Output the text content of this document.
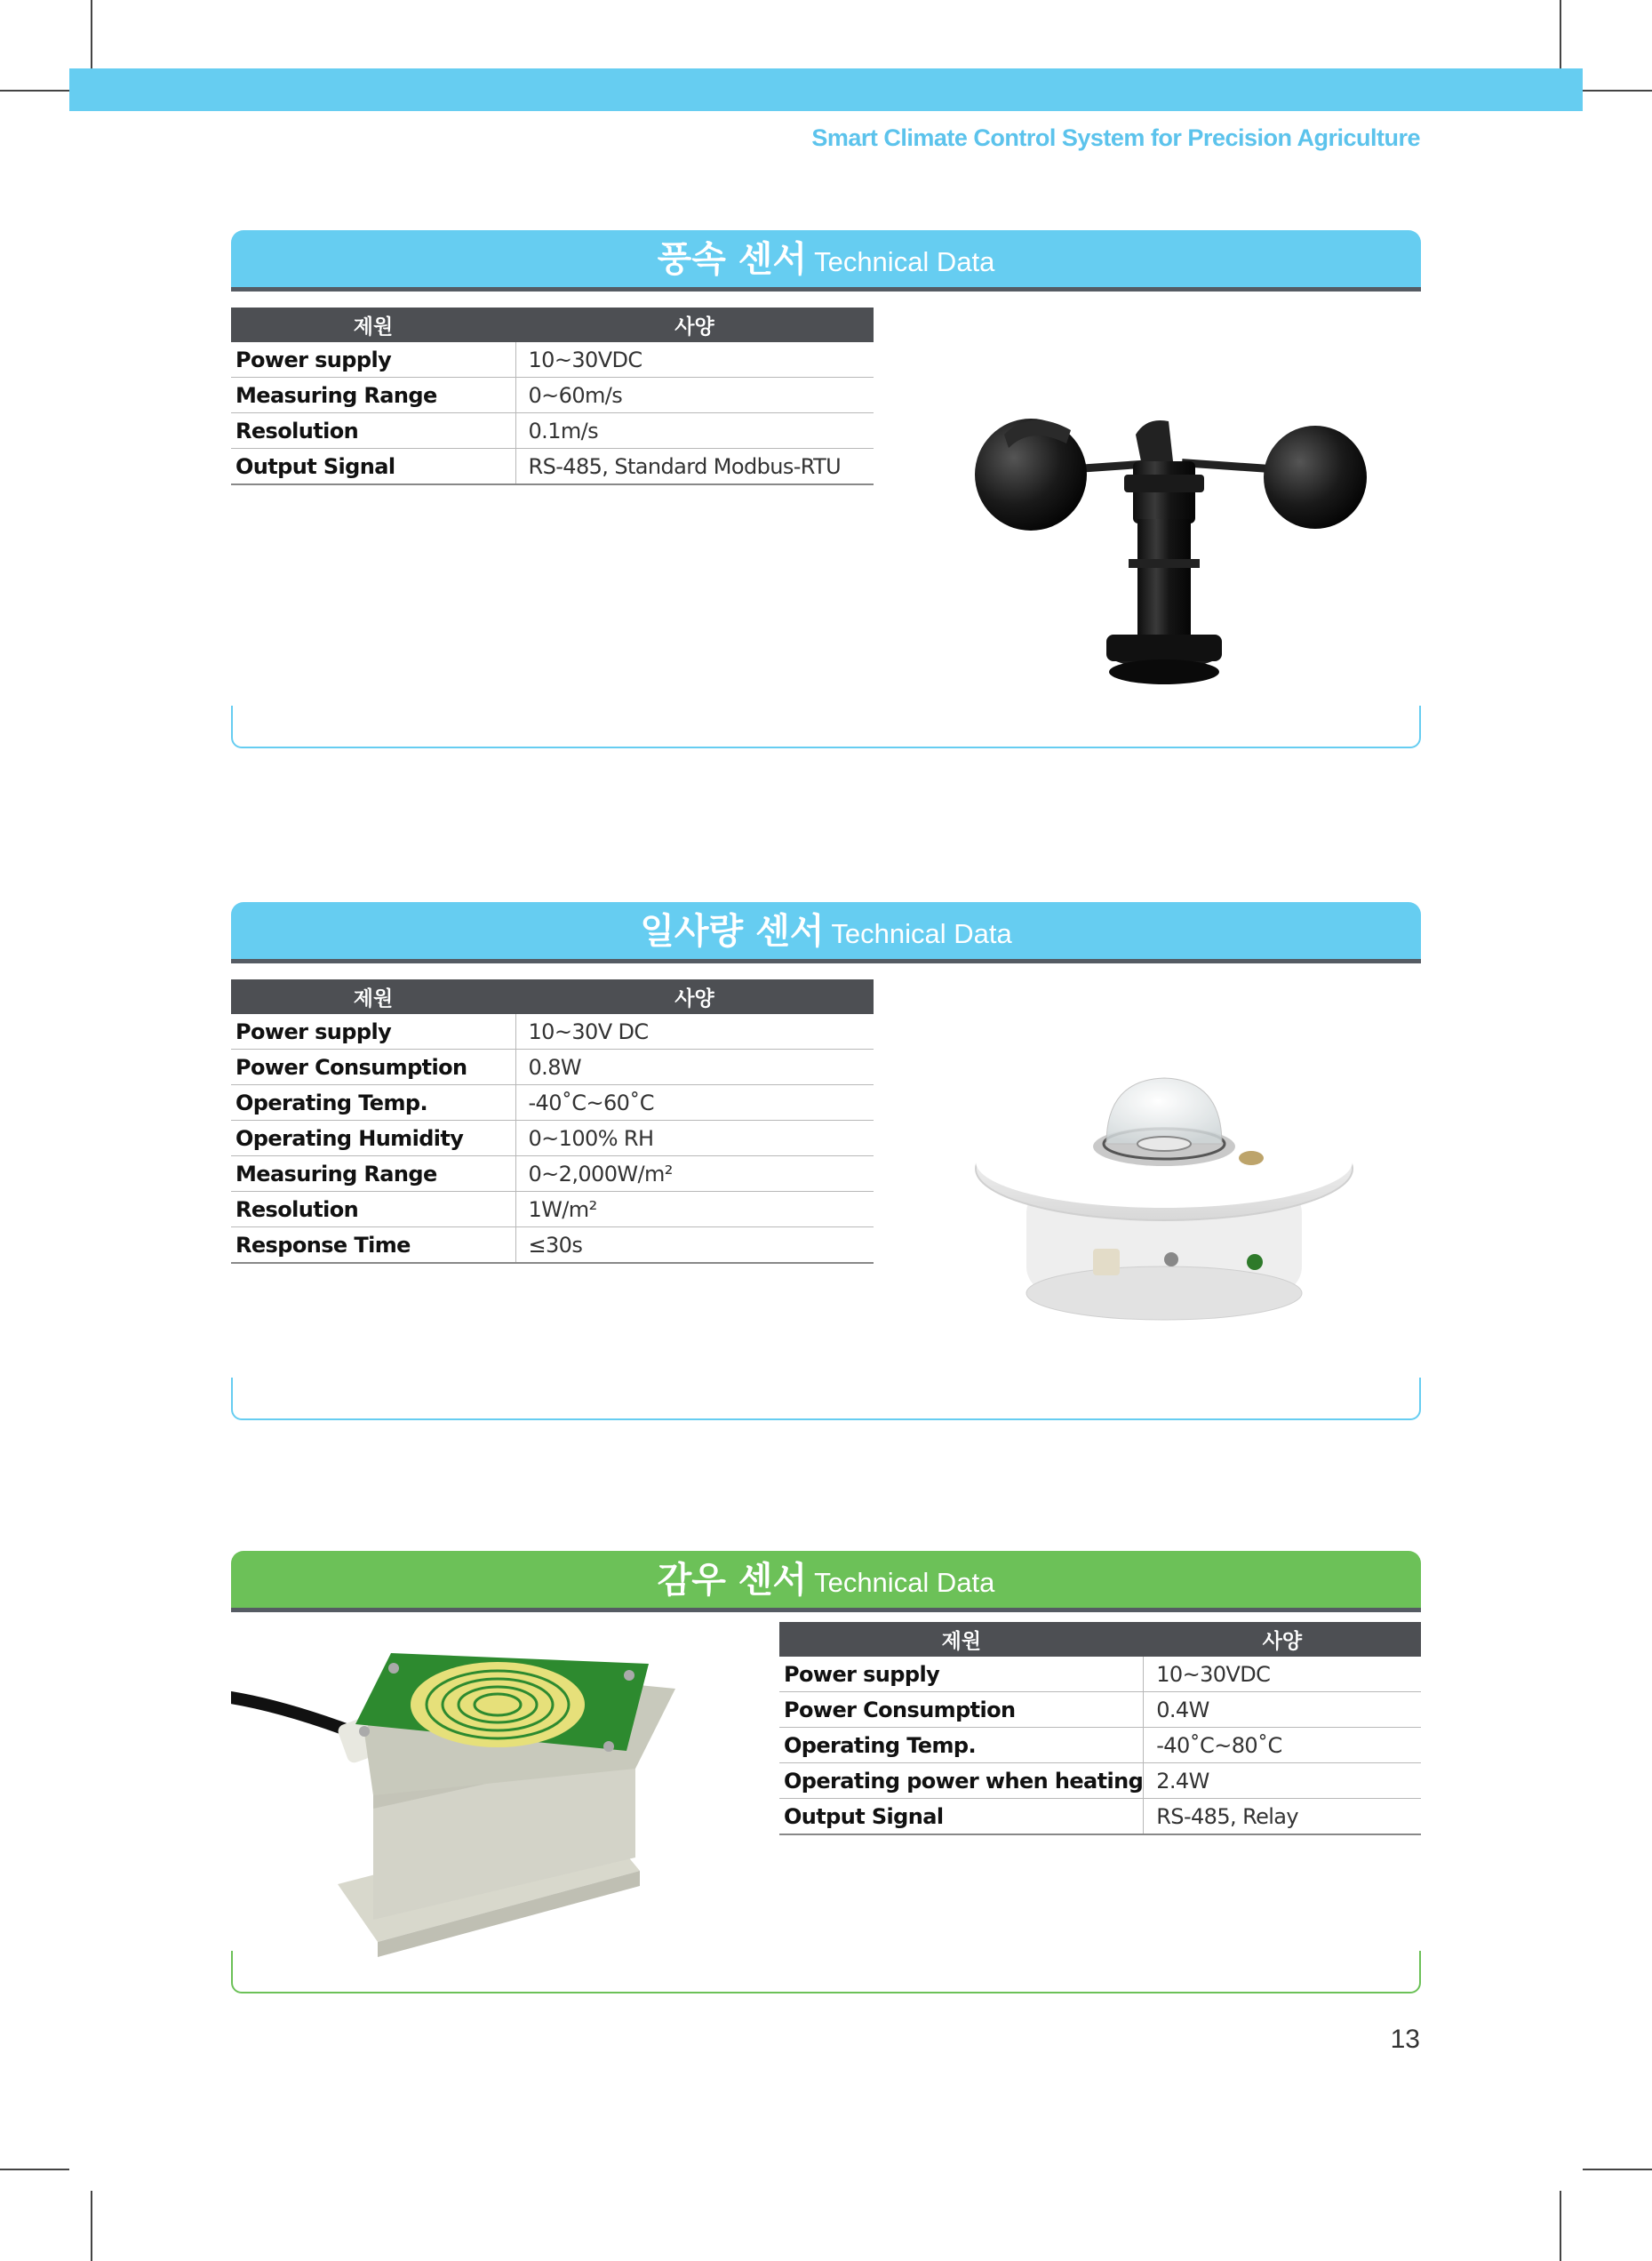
Smart Climate Control System for Precision Agriculture
풍속 센서 Technical Data
제원	사양
Power supply	10~30VDC
Measuring Range	0~60m/s
Resolution	0.1m/s
Output Signal	RS-485, Standard Modbus-RTU
일사량 센서 Technical Data
제원	사양
Power supply	10~30V DC
Power Consumption	0.8W
Operating Temp.	-40˚C~60˚C
Operating Humidity	0~100% RH
Measuring Range	0~2,000W/m²
Resolution	1W/m²
Response Time	≤30s
감우 센서 Technical Data
제원	사양
Power supply	10~30VDC
Power Consumption	0.4W
Operating Temp.	-40˚C~80˚C
Operating power when heating	2.4W
Output Signal	RS-485, Relay
13
